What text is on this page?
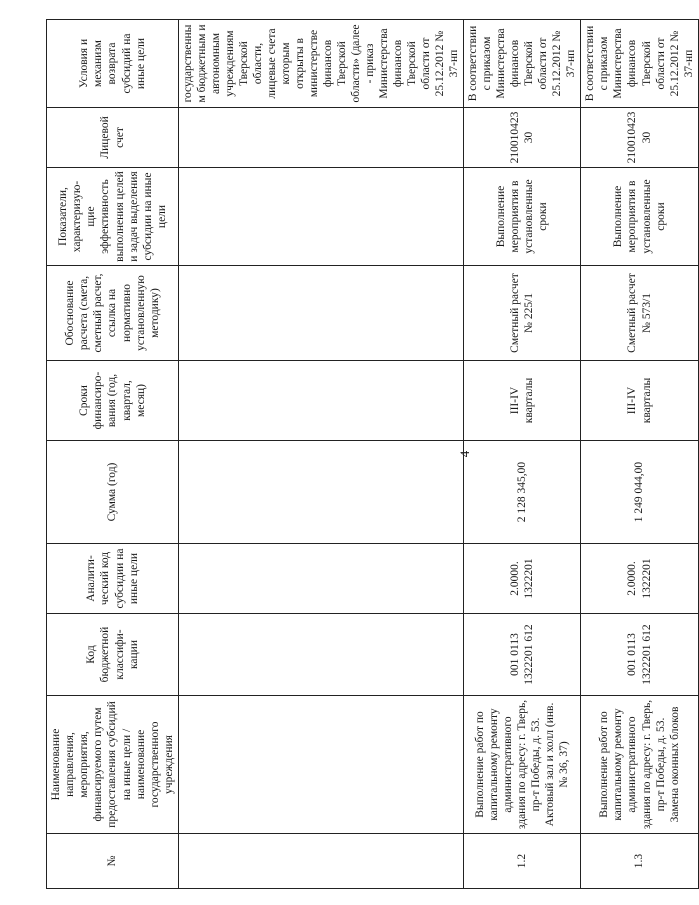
4
№	Наименование направления, мероприятия, финансируемого путем предоставления субсидий на иные цели / наименование государственного учреждения	Код бюджетной классифи-кации	Аналити-ческий код субсидии на иные цели	Сумма (год)	Сроки финансиро-вания (год, квартал, месяц)	Обоснование расчета (смета, сметный расчет, ссылка на нормативно установленную методику)	Показатели, характеризую-щие эффективность выполнения целей и задач выделения субсидии на иные цели	Лицевой счет	Условия и механизм возврата субсидий на иные цели
									государственным бюджетным и автономным учреждениям Тверской области, лицевые счета которым открыты в министерстве финансов Тверской области» (далее - приказ Министерства финансов Тверской области от 25.12.2012 № 37-нп
1.2	Выполнение работ по капитальному ремонту административного здания по адресу: г. Тверь, пр-т Победы, д. 53. Актовый зал и холл (инв. № 36, 37)	001 0113 1322201 612	2.0000. 1322201	2 128 345,00	III-IV кварталы	Сметный расчет № 225/1	Выполнение мероприятия в установленные сроки	21001042330	В соответствии с приказом Министерства финансов Тверской области от 25.12.2012 № 37-нп
1.3	Выполнение работ по капитальному ремонту административного здания по адресу: г. Тверь, пр-т Победы, д. 53. Замена оконных блоков	001 0113 1322201 612	2.0000. 1322201	1 249 044,00	III-IV кварталы	Сметный расчет № 573/1	Выполнение мероприятия в установленные сроки	21001042330	В соответствии с приказом Министерства финансов Тверской области от 25.12.2012 № 37-нп
